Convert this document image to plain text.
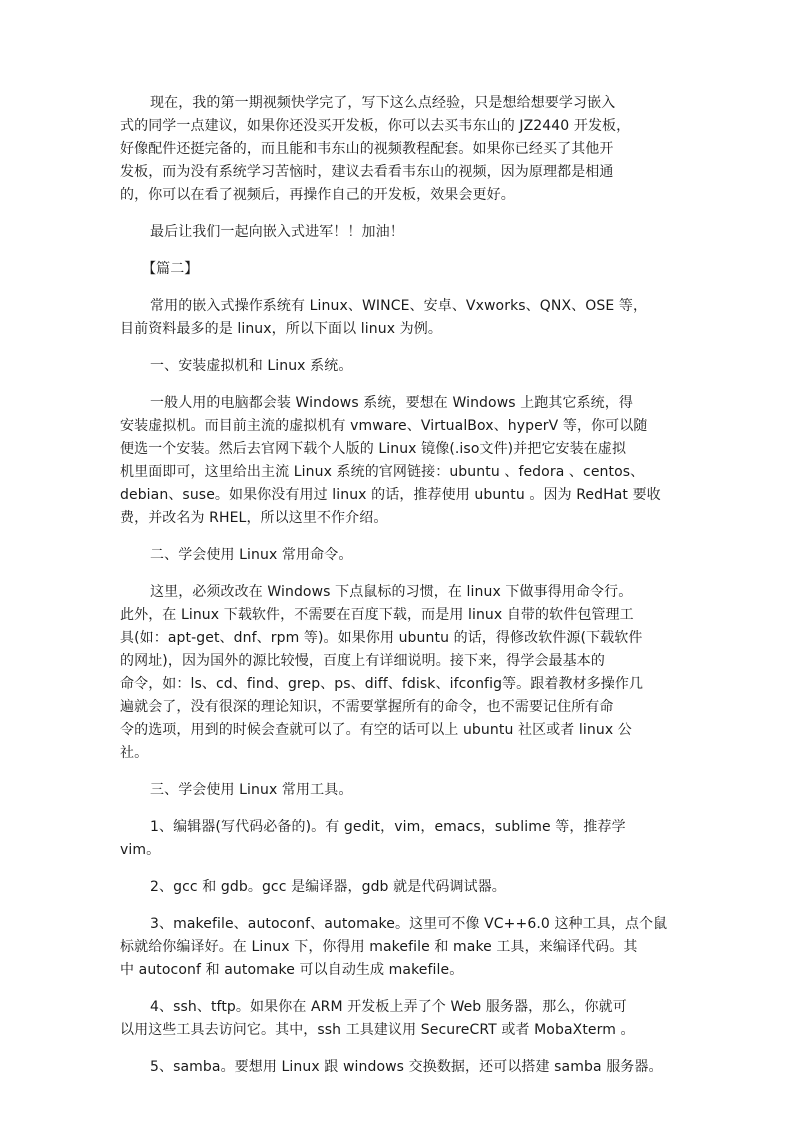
现在，我的第一期视频快学完了，写下这么点经验，只是想给想要学习嵌入
式的同学一点建议，如果你还没买开发板，你可以去买韦东山的 JZ2440 开发板，
好像配件还挺完备的，而且能和韦东山的视频教程配套。如果你已经买了其他开
发板，而为没有系统学习苦恼时，建议去看看韦东山的视频，因为原理都是相通
的，你可以在看了视频后，再操作自己的开发板，效果会更好。

最后让我们一起向嵌入式进军！！加油！

【篇二】

常用的嵌入式操作系统有 Linux、WINCE、安卓、Vxworks、QNX、OSE 等，
目前资料最多的是 linux，所以下面以 linux 为例。

一、安装虚拟机和 Linux 系统。

一般人用的电脑都会装 Windows 系统，要想在 Windows 上跑其它系统，得
安装虚拟机。而目前主流的虚拟机有 vmware、VirtualBox、hyperV 等，你可以随
便选一个安装。然后去官网下载个人版的 Linux 镜像(.iso文件)并把它安装在虚拟
机里面即可，这里给出主流 Linux 系统的官网链接：ubuntu 、fedora 、centos、
debian、suse。如果你没有用过 linux 的话，推荐使用 ubuntu 。因为 RedHat 要收
费，并改名为 RHEL，所以这里不作介绍。

二、学会使用 Linux 常用命令。

这里，必须改改在 Windows 下点鼠标的习惯，在 linux 下做事得用命令行。
此外，在 Linux 下载软件，不需要在百度下载，而是用 linux 自带的软件包管理工
具(如：apt-get、dnf、rpm 等)。如果你用 ubuntu 的话，得修改软件源(下载软件
的网址)，因为国外的源比较慢，百度上有详细说明。接下来，得学会最基本的
命令，如：ls、cd、find、grep、ps、diff、fdisk、ifconfig等。跟着教材多操作几
遍就会了，没有很深的理论知识，不需要掌握所有的命令，也不需要记住所有命
令的选项，用到的时候会查就可以了。有空的话可以上 ubuntu 社区或者 linux 公
社。

三、学会使用 Linux 常用工具。

1、编辑器(写代码必备的)。有 gedit，vim，emacs，sublime 等，推荐学
vim。

2、gcc 和 gdb。gcc 是编译器，gdb 就是代码调试器。

3、makefile、autoconf、automake。这里可不像 VC++6.0 这种工具，点个鼠
标就给你编译好。在 Linux 下，你得用 makefile 和 make 工具，来编译代码。其
中 autoconf 和 automake 可以自动生成 makefile。

4、ssh、tftp。如果你在 ARM 开发板上弄了个 Web 服务器，那么，你就可
以用这些工具去访问它。其中，ssh 工具建议用 SecureCRT 或者 MobaXterm 。

5、samba。要想用 Linux 跟 windows 交换数据，还可以搭建 samba 服务器。
